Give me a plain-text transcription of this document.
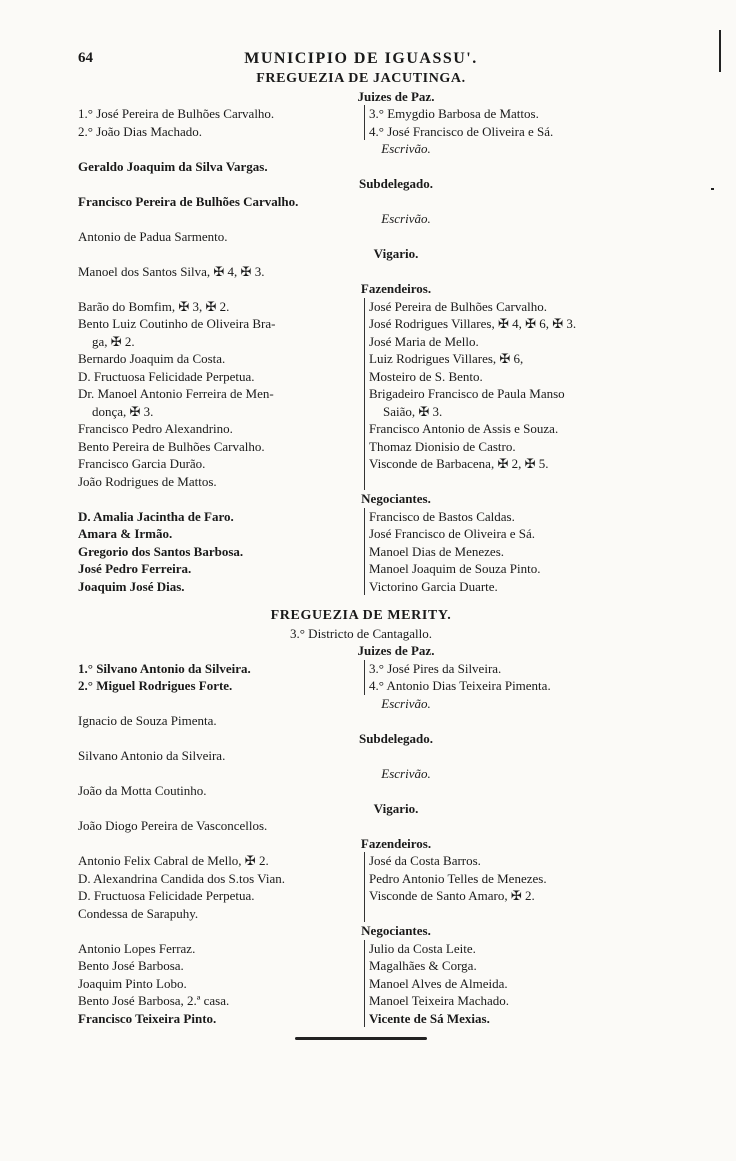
64	MUNICIPIO DE IGUASSU'.
FREGUEZIA DE JACUTINGA.
Juizes de Paz.
1.° José Pereira de Bulhões Carvalho.
2.° João Dias Machado.
3.° Emygdio Barbosa de Mattos.
4.° José Francisco de Oliveira e Sá.
Escrivão.
Geraldo Joaquim da Silva Vargas.
Subdelegado.
Francisco Pereira de Bulhões Carvalho.
Escrivão.
Antonio de Padua Sarmento.
Vigario.
Manoel dos Santos Silva, ✠ 4, ✠ 3.
Fazendeiros.
Barão do Bomfim, ✠ 3, ✠ 2.
Bento Luiz Coutinho de Oliveira Bra-
ga, ✠ 2.
Bernardo Joaquim da Costa.
D. Fructuosa Felicidade Perpetua.
Dr. Manoel Antonio Ferreira de Men-
donça, ✠ 3.
Francisco Pedro Alexandrino.
Bento Pereira de Bulhões Carvalho.
Francisco Garcia Durão.
João Rodrigues de Mattos.
José Pereira de Bulhões Carvalho.
José Rodrigues Villares, ✠ 4, ✠ 6, ✠ 3.
José Maria de Mello.
Luiz Rodrigues Villares, ✠ 6,
Mosteiro de S. Bento.
Brigadeiro Francisco de Paula Manso
Saião, ✠ 3.
Francisco Antonio de Assis e Souza.
Thomaz Dionisio de Castro.
Visconde de Barbacena, ✠ 2, ✠ 5.
Negociantes.
D. Amalia Jacintha de Faro.
Amara & Irmão.
Gregorio dos Santos Barbosa.
José Pedro Ferreira.
Joaquim José Dias.
Francisco de Bastos Caldas.
José Francisco de Oliveira e Sá.
Manoel Dias de Menezes.
Manoel Joaquim de Souza Pinto.
Victorino Garcia Duarte.
FREGUEZIA DE MERITY.
3.° Districto de Cantagallo.
Juizes de Paz.
1.° Silvano Antonio da Silveira.
2.° Miguel Rodrigues Forte.
3.° José Pires da Silveira.
4.° Antonio Dias Teixeira Pimenta.
Escrivão.
Ignacio de Souza Pimenta.
Subdelegado.
Silvano Antonio da Silveira.
Escrivão.
João da Motta Coutinho.
Vigario.
João Diogo Pereira de Vasconcellos.
Fazendeiros.
Antonio Felix Cabral de Mello, ✠ 2.
D. Alexandrina Candida dos S.tos Vian.
D. Fructuosa Felicidade Perpetua.
Condessa de Sarapuhy.
José da Costa Barros.
Pedro Antonio Telles de Menezes.
Visconde de Santo Amaro, ✠ 2.
Negociantes.
Antonio Lopes Ferraz.
Bento José Barbosa.
Joaquim Pinto Lobo.
Bento José Barbosa, 2.ª casa.
Francisco Teixeira Pinto.
Julio da Costa Leite.
Magalhães & Corga.
Manoel Alves de Almeida.
Manoel Teixeira Machado.
Vicente de Sá Mexias.
